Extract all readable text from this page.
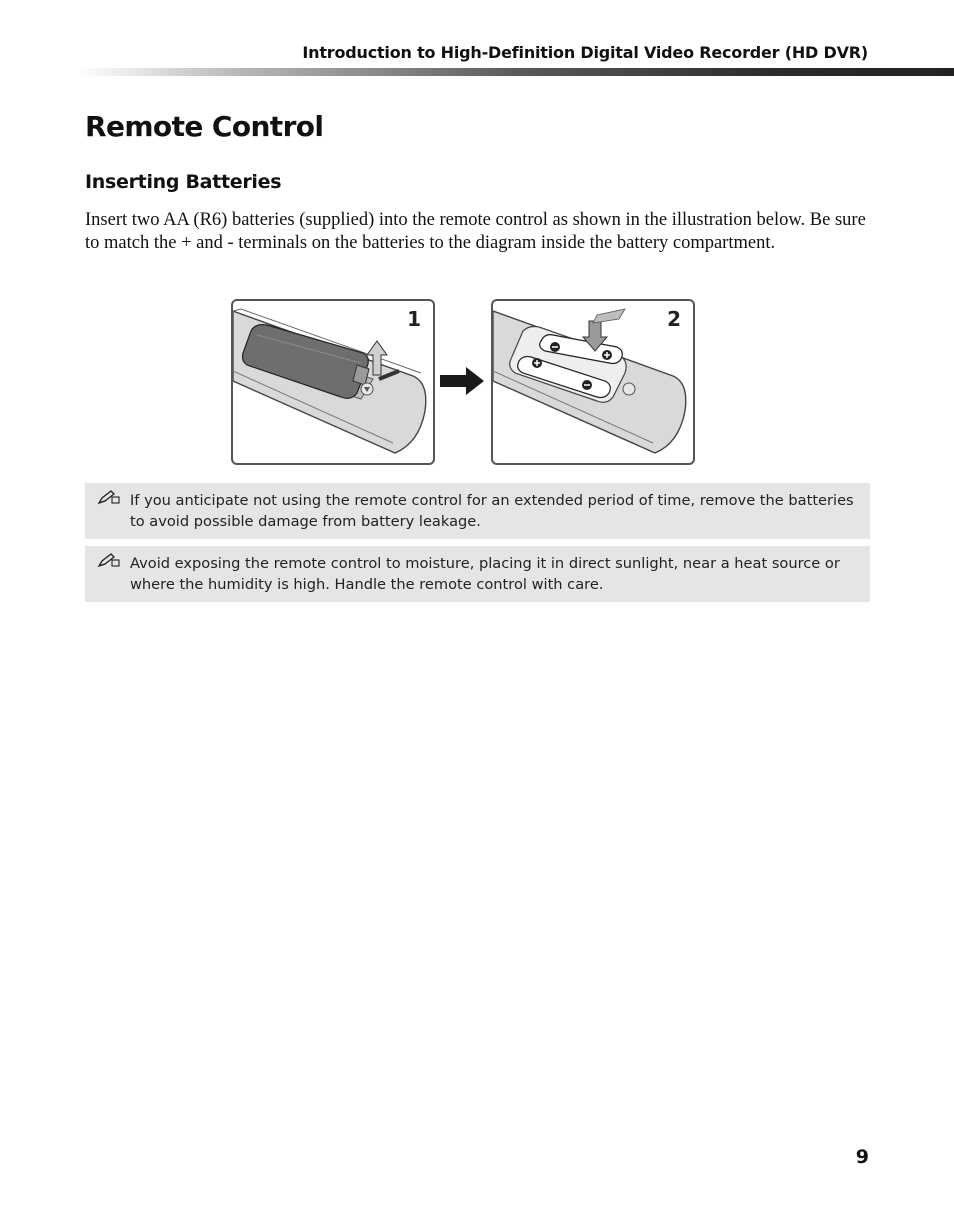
Introduction to High-Definition Digital Video Recorder (HD DVR)
Remote Control
Inserting Batteries

Insert two AA (R6) batteries (supplied) into the remote control as shown in the illustration below. Be sure to match the + and - terminals on the batteries to the diagram inside the battery compartment.

1	2
If you anticipate not using the remote control for an extended period of time, remove the batteries to avoid possible damage from battery leakage.
Avoid exposing the remote control to moisture, placing it in direct sunlight, near a heat source or where the humidity is high. Handle the remote control with care.
9
